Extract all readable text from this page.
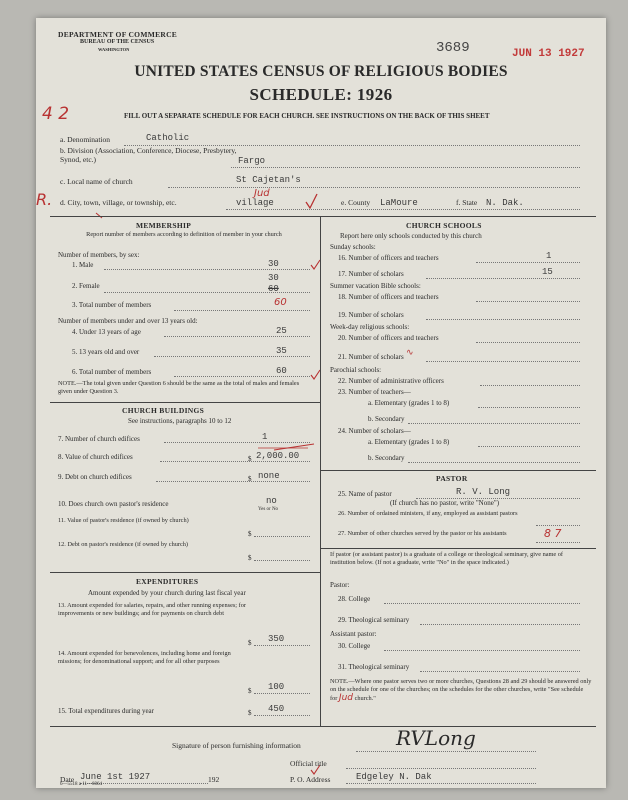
DEPARTMENT OF COMMERCE
BUREAU OF THE CENSUS
WASHINGTON	3689	JUN 13 1927
UNITED STATES CENSUS OF RELIGIOUS BODIES
SCHEDULE: 1926
4 2	FILL OUT A SEPARATE SCHEDULE FOR EACH CHURCH. SEE INSTRUCTIONS ON THE BACK OF THIS SHEET
a. Denomination	Catholic
b. Division (Association, Conference, Diocese, Presbytery, Synod, etc.)	Fargo
c. Local name of church	St Cajetan's
R. d. City, town, village, or township, etc.	village
Jud
e. County LaMoure	f. State N. Dak.
MEMBERSHIP
Report number of members according to definition of member in your church
Number of members, by sex:
1. Male	30
30
2. Female	60
3. Total number of members	60
Number of members under and over 13 years old:
4. Under 13 years of age	25
5. 13 years old and over	35
6. Total number of members	60
NOTE.—The total given under Question 6 should be the same as the total of males and females given under Question 3.
CHURCH BUILDINGS
See instructions, paragraphs 10 to 12
7. Number of church edifices	1
8. Value of church edifices	$ 2,000.00
9. Debt on church edifices	$ none
10. Does church own pastor's residence	no
Yes or No
11. Value of pastor's residence (if owned by church)
$
12. Debt on pastor's residence (if owned by church)
$
EXPENDITURES
Amount expended by your church during last fiscal year
13. Amount expended for salaries, repairs, and other running expenses; for improvements or new buildings; and for payments on church debt
$ 350
14. Amount expended for benevolences, including home and foreign missions; for denominational support; and for all other purposes
$ 100
15. Total expenditures during year	$ 450
CHURCH SCHOOLS
Report here only schools conducted by this church
Sunday schools:
16. Number of officers and teachers	1
17. Number of scholars	15
Summer vacation Bible schools:
18. Number of officers and teachers
19. Number of scholars
Week-day religious schools:
20. Number of officers and teachers
21. Number of scholars ∿
Parochial schools:
22. Number of administrative officers
23. Number of teachers—
a. Elementary (grades 1 to 8)
b. Secondary
24. Number of scholars—
a. Elementary (grades 1 to 8)
b. Secondary
PASTOR
25. Name of pastor	R. V. Long
(If church has no pastor, write "None")
26. Number of ordained ministers, if any, employed as assistant pastors
27. Number of other churches served by the pastor or his assistants	8 7
If pastor (or assistant pastor) is a graduate of a college or theological seminary, give name of institution below. (If not a graduate, write "No" in the space indicated.)
Pastor:
28. College
29. Theological seminary
Assistant pastor:
30. College
31. Theological seminary
NOTE.—Where one pastor serves two or more churches, Questions 28 and 29 should be answered only on the schedule for one of the churches; on the schedules for the other churches, write "See schedule for Jud church."
Signature of person furnishing information	RVLong
Official title
Date June 1st 1927	192	P. O. Address	Edgeley N. Dak
6—5518 a 11—6064
